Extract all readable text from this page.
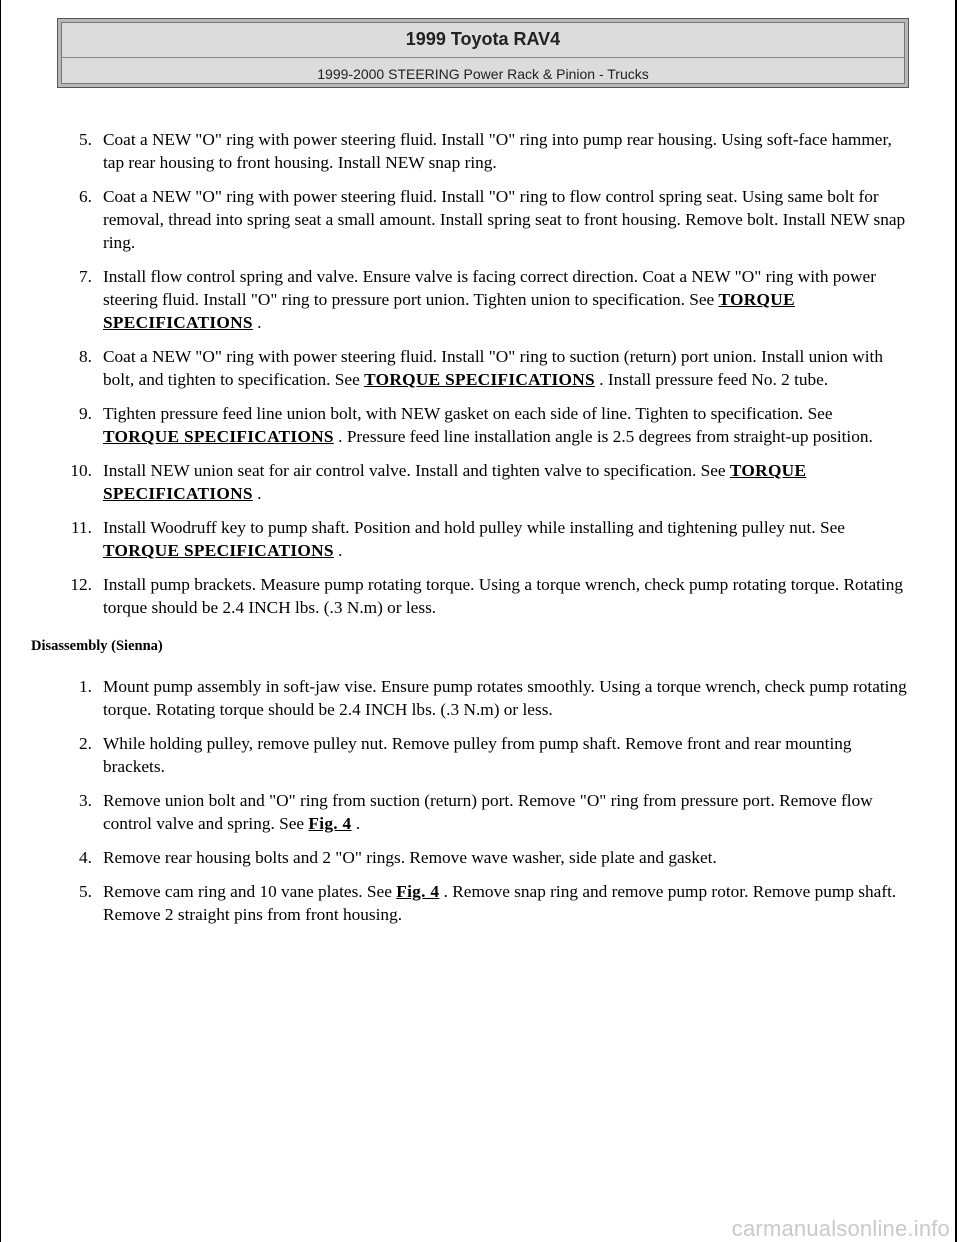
1999 Toyota RAV4
1999-2000 STEERING Power Rack & Pinion - Trucks
5. Coat a NEW "O" ring with power steering fluid. Install "O" ring into pump rear housing. Using soft-face hammer, tap rear housing to front housing. Install NEW snap ring.
6. Coat a NEW "O" ring with power steering fluid. Install "O" ring to flow control spring seat. Using same bolt for removal, thread into spring seat a small amount. Install spring seat to front housing. Remove bolt. Install NEW snap ring.
7. Install flow control spring and valve. Ensure valve is facing correct direction. Coat a NEW "O" ring with power steering fluid. Install "O" ring to pressure port union. Tighten union to specification. See TORQUE SPECIFICATIONS .
8. Coat a NEW "O" ring with power steering fluid. Install "O" ring to suction (return) port union. Install union with bolt, and tighten to specification. See TORQUE SPECIFICATIONS . Install pressure feed No. 2 tube.
9. Tighten pressure feed line union bolt, with NEW gasket on each side of line. Tighten to specification. See TORQUE SPECIFICATIONS . Pressure feed line installation angle is 2.5 degrees from straight-up position.
10. Install NEW union seat for air control valve. Install and tighten valve to specification. See TORQUE SPECIFICATIONS .
11. Install Woodruff key to pump shaft. Position and hold pulley while installing and tightening pulley nut. See TORQUE SPECIFICATIONS .
12. Install pump brackets. Measure pump rotating torque. Using a torque wrench, check pump rotating torque. Rotating torque should be 2.4 INCH lbs. (.3 N.m) or less.
Disassembly (Sienna)
1. Mount pump assembly in soft-jaw vise. Ensure pump rotates smoothly. Using a torque wrench, check pump rotating torque. Rotating torque should be 2.4 INCH lbs. (.3 N.m) or less.
2. While holding pulley, remove pulley nut. Remove pulley from pump shaft. Remove front and rear mounting brackets.
3. Remove union bolt and "O" ring from suction (return) port. Remove "O" ring from pressure port. Remove flow control valve and spring. See Fig. 4 .
4. Remove rear housing bolts and 2 "O" rings. Remove wave washer, side plate and gasket.
5. Remove cam ring and 10 vane plates. See Fig. 4 . Remove snap ring and remove pump rotor. Remove pump shaft. Remove 2 straight pins from front housing.
carmanualsonline.info
